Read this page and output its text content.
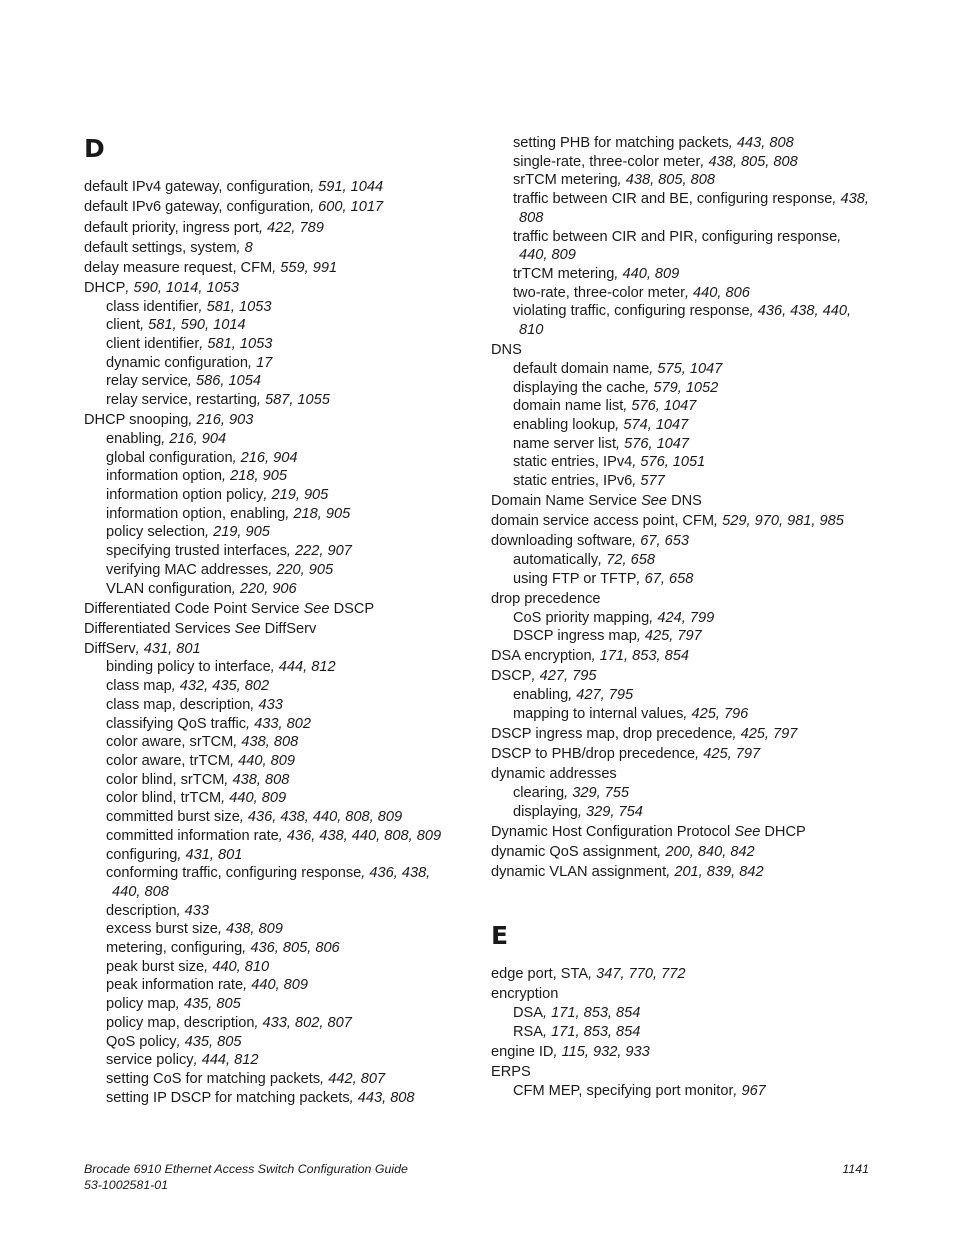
D
default IPv4 gateway, configuration, 591, 1044
default IPv6 gateway, configuration, 600, 1017
default priority, ingress port, 422, 789
default settings, system, 8
delay measure request, CFM, 559, 991
DHCP, 590, 1014, 1053
class identifier, 581, 1053
client, 581, 590, 1014
client identifier, 581, 1053
dynamic configuration, 17
relay service, 586, 1054
relay service, restarting, 587, 1055
DHCP snooping, 216, 903
enabling, 216, 904
global configuration, 216, 904
information option, 218, 905
information option policy, 219, 905
information option, enabling, 218, 905
policy selection, 219, 905
specifying trusted interfaces, 222, 907
verifying MAC addresses, 220, 905
VLAN configuration, 220, 906
Differentiated Code Point Service See DSCP
Differentiated Services See DiffServ
DiffServ, 431, 801
binding policy to interface, 444, 812
class map, 432, 435, 802
class map, description, 433
classifying QoS traffic, 433, 802
color aware, srTCM, 438, 808
color aware, trTCM, 440, 809
color blind, srTCM, 438, 808
color blind, trTCM, 440, 809
committed burst size, 436, 438, 440, 808, 809
committed information rate, 436, 438, 440, 808, 809
configuring, 431, 801
conforming traffic, configuring response, 436, 438,
440, 808
description, 433
excess burst size, 438, 809
metering, configuring, 436, 805, 806
peak burst size, 440, 810
peak information rate, 440, 809
policy map, 435, 805
policy map, description, 433, 802, 807
QoS policy, 435, 805
service policy, 444, 812
setting CoS for matching packets, 442, 807
setting IP DSCP for matching packets, 443, 808
setting PHB for matching packets, 443, 808
single-rate, three-color meter, 438, 805, 808
srTCM metering, 438, 805, 808
traffic between CIR and BE, configuring response, 438,
808
traffic between CIR and PIR, configuring response,
440, 809
trTCM metering, 440, 809
two-rate, three-color meter, 440, 806
violating traffic, configuring response, 436, 438, 440,
810
DNS
default domain name, 575, 1047
displaying the cache, 579, 1052
domain name list, 576, 1047
enabling lookup, 574, 1047
name server list, 576, 1047
static entries, IPv4, 576, 1051
static entries, IPv6, 577
Domain Name Service See DNS
domain service access point, CFM, 529, 970, 981, 985
downloading software, 67, 653
automatically, 72, 658
using FTP or TFTP, 67, 658
drop precedence
CoS priority mapping, 424, 799
DSCP ingress map, 425, 797
DSA encryption, 171, 853, 854
DSCP, 427, 795
enabling, 427, 795
mapping to internal values, 425, 796
DSCP ingress map, drop precedence, 425, 797
DSCP to PHB/drop precedence, 425, 797
dynamic addresses
clearing, 329, 755
displaying, 329, 754
Dynamic Host Configuration Protocol See DHCP
dynamic QoS assignment, 200, 840, 842
dynamic VLAN assignment, 201, 839, 842
E
edge port, STA, 347, 770, 772
encryption
DSA, 171, 853, 854
RSA, 171, 853, 854
engine ID, 115, 932, 933
ERPS
CFM MEP, specifying port monitor, 967
Brocade 6910 Ethernet Access Switch Configuration Guide
53-1002581-01
1141
